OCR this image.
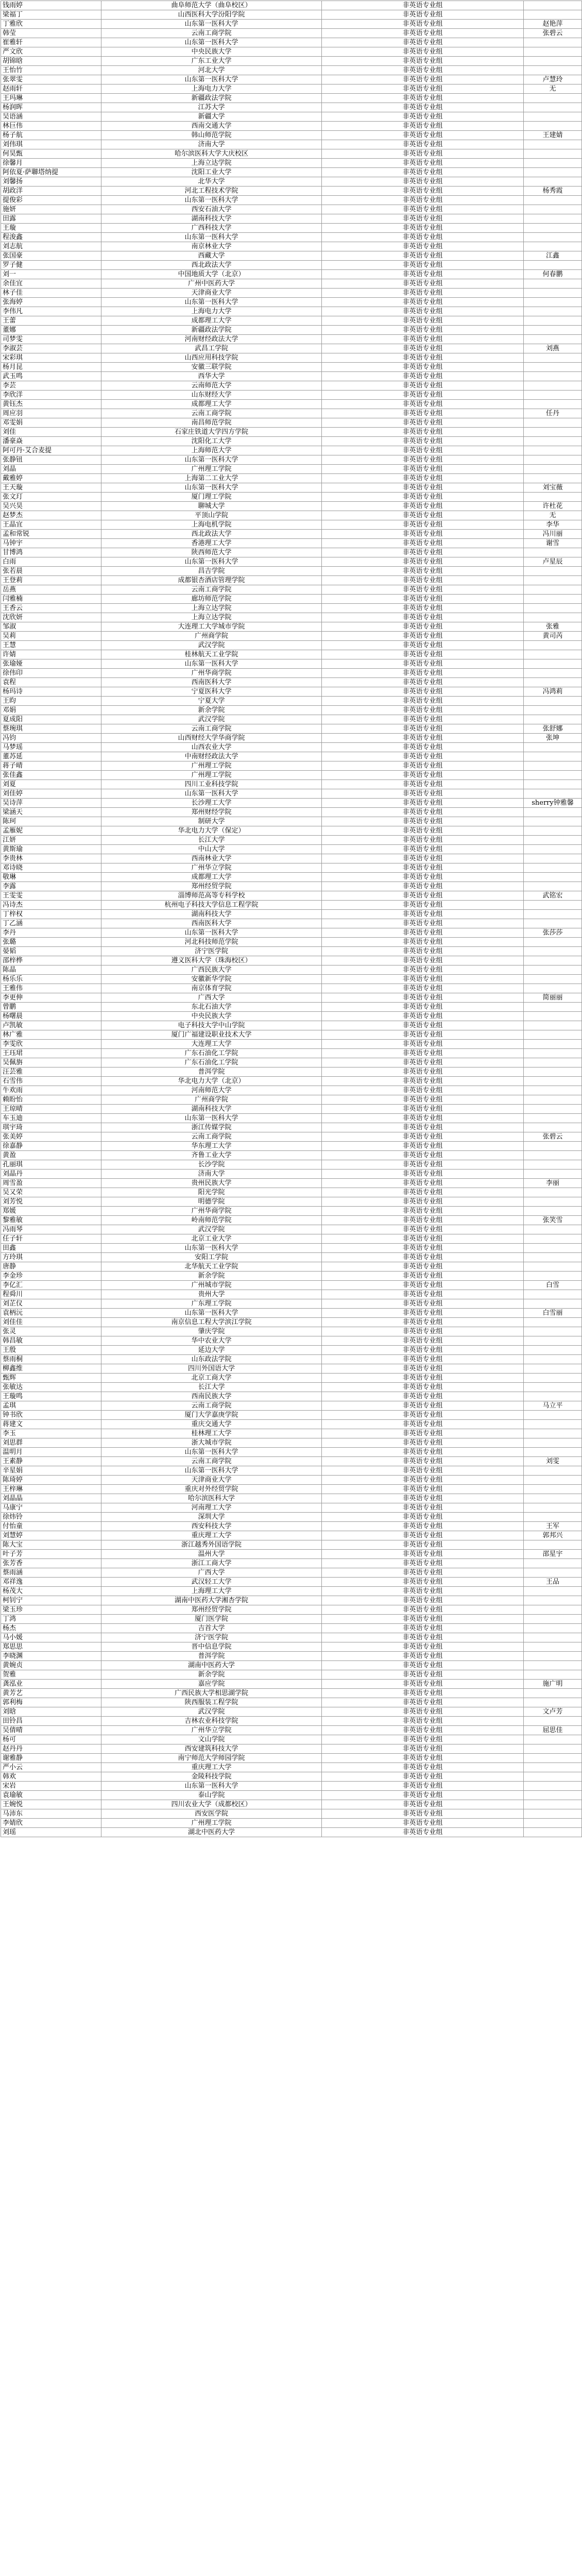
钱雨婷	曲阜师范大学（曲阜校区）	非英语专业组	
梁福丁	山西医科大学汾阳学院	非英语专业组	
丁雅欣	山东第一医科大学	非英语专业组	赵艳萍
韩莹	云南工商学院	非英语专业组	张碧云
崔雅轩	山东第一医科大学	非英语专业组	
严文欣	中央民族大学	非英语专业组	
胡锦晗	广东工业大学	非英语专业组	
王怡竹	河北大学	非英语专业组	
张翠雯	山东第一医科大学	非英语专业组	卢慧玲
赵雨轩	上海电力大学	非英语专业组	无
王玛琳	新疆政法学院	非英语专业组	
杨润晖	江苏大学	非英语专业组	
吴语涵	新疆大学	非英语专业组	
林巨伟	西南交通大学	非英语专业组	
杨子航	韩山师范学院	非英语专业组	王建婧
刘伟琪	济南大学	非英语专业组	
何昊甄	哈尔滨医科大学大庆校区	非英语专业组	
徐馨月	上海立达学院	非英语专业组	
阿依夏·萨聯塔纳提	沈阳工业大学	非英语专业组	
刘馨扬	北华大学	非英语专业组	
胡政洋	河北工程技术学院	非英语专业组	杨秀霞
提俊彩	山东第一医科大学	非英语专业组	
施妍	西安石油大学	非英语专业组	
田露	湖南科技大学	非英语专业组	
王璇	广西科技大学	非英语专业组	
程浚鑫	山东第一医科大学	非英语专业组	
刘志航	南京林业大学	非英语专业组	
张国豪	西藏大学	非英语专业组	江鑫
罗子健	西北政法大学	非英语专业组	
刘一	中国地质大学（北京）	非英语专业组	何春鹏
余佳宜	广州中医药大学	非英语专业组	
林子佳	天津商业大学	非英语专业组	
张海婷	山东第一医科大学	非英语专业组	
李伟凡	上海电力大学	非英语专业组	
王蕾	成都理工大学	非英语专业组	
董娜	新疆政法学院	非英语专业组	
司梦雯	河南财经政法大学	非英语专业组	
李淑芸	武昌工学院	非英语专业组	刘燕
宋彩琪	山西应用科技学院	非英语专业组	
杨月昆	安徽三联学院	非英语专业组	
武玉鸣	西华大学	非英语专业组	
李芸	云南师范大学	非英语专业组	
李欣洋	山东财经大学	非英语专业组	
黄钰杰	成都理工大学	非英语专业组	
周应羽	云南工商学院	非英语专业组	任丹
邓雯娟	南昌师范学院	非英语专业组	
刘佳	石家庄铁道大学四方学院	非英语专业组	
潘豪焱	沈阳化工大学	非英语专业组	
阿可丹·艾合麦提	上海师范大学	非英语专业组	
张静钮	山东第一医科大学	非英语专业组	
刘晶	广州理工学院	非英语专业组	
戴雅婷	上海第二工业大学	非英语专业组	
王天璇	山东第一医科大学	非英语专业组	刘宝薇
张文玎	厦门理工学院	非英语专业组	
吴兴昊	聊城大学	非英语专业组	许杜花
赵梦杰	平顶山学院	非英语专业组	无
王晶宜	上海电机学院	非英语专业组	李华
孟和常锐	西北政法大学	非英语专业组	冯川丽
马钟宇	香港理工大学	非英语专业组	谢雪
甘博鸿	陕西师范大学	非英语专业组	
白雨	山东第一医科大学	非英语专业组	卢星辰
张若晨	昌吉学院	非英语专业组	
王登莉	成都银杏酒店管理学院	非英语专业组	
岳燕	云南工商学院	非英语专业组	
闫雅楠	廊坊师范学院	非英语专业组	
王香云	上海立达学院	非英语专业组	
沈欣妍	上海立达学院	非英语专业组	
邹淑	大连理工大学城市学院	非英语专业组	张雅
吴莉	广州商学院	非英语专业组	黄司芮
王慧	武汉学院	非英语专业组	
许婧	桂林航天工业学院	非英语专业组	
张瑜娅	山东第一医科大学	非英语专业组	
徐伟印	广州华商学院	非英语专业组	
袁程	西南医科大学	非英语专业组	
杨玛诗	宁夏医科大学	非英语专业组	冯鸿莉
王昀	宁夏大学	非英语专业组	
邓娟	新余学院	非英语专业组	
夏成阳	武汉学院	非英语专业组	
蔡琬琪	云南工商学院	非英语专业组	张舒娜
冯钧	山西财经大学华商学院	非英语专业组	张坤
马梦瑶	山西农业大学	非英语专业组	
董苏延	中南财经政法大学	非英语专业组	
蒋子晴	广州理工学院	非英语专业组	
张佳鑫	广州理工学院	非英语专业组	
刘夏	四川工业科技学院	非英语专业组	
刘佳婷	山东第一医科大学	非英语专业组	
吴诗萍	长沙理工大学	非英语专业组	sherry钟雅馨
梁涵天	郑州财经学院	非英语专业组	
陈珂	制研大学	非英语专业组	
孟雁妮	华北电力大学（保定）	非英语专业组	
江妍	长江大学	非英语专业组	
黄斯瑜	中山大学	非英语专业组	
李贵林	西南林业大学	非英语专业组	
邓诗晓	广州华立学院	非英语专业组	
敬琳	成都理工大学	非英语专业组	
李露	郑州经贸学院	非英语专业组	
王雯雯	淄博师范高等专科学校	非英语专业组	武铭宏
冯诗杰	杭州电子科技大学信息工程学院	非英语专业组	
丁梓权	湖南科技大学	非英语专业组	
丁乙涵	西南医科大学	非英语专业组	
李丹	山东第一医科大学	非英语专业组	张莎莎
张璐	河北科技师范学院	非英语专业组	
晏韬	济宁医学院	非英语专业组	
邵梓桦	遵义医科大学（珠海校区）	非英语专业组	
陈晶	广西民族大学	非英语专业组	
杨乐乐	安徽新华学院	非英语专业组	
王雅伟	南京体育学院	非英语专业组	
李更伸	广西大学	非英语专业组	简丽丽
曾鹏	东北石油大学	非英语专业组	
杨曙晨	中央民族大学	非英语专业组	
卢凯敏	电子科技大学中山学院	非英语专业组	
林广雅	厦门广福建设职业技术大学	非英语专业组	
李雯欣	大连理工大学	非英语专业组	
王珏珺	广东石油化工学院	非英语专业组	
吴佩旃	广东石油化工学院	非英语专业组	
汪芸雅	普洱学院	非英语专业组	
石雪伟	华北电力大学（北京）	非英语专业组	
牛欢雨	河南师范大学	非英语专业组	
赖盼怡	广州商学院	非英语专业组	
王琼晴	湖南科技大学	非英语专业组	
车玉迪	山东第一医科大学	非英语专业组	
琪宇琦	浙江传媒学院	非英语专业组	
张美婷	云南工商学院	非英语专业组	张碧云
徐嘉静	华东理工大学	非英语专业组	
黄盈	齐鲁工业大学	非英语专业组	
孔丽琪	长沙学院	非英语专业组	
刘晶丹	济南大学	非英语专业组	
周雪盈	贵州民族大学	非英语专业组	李丽
吴又荣	阳光学院	非英语专业组	
刘芳悦	明德学院	非英语专业组	
郑媛	广州华商学院	非英语专业组	
黎雅敏	岭南师范学院	非英语专业组	张笑雪
冯雨琴	武汉学院	非英语专业组	
任子轩	北京工业大学	非英语专业组	
田鑫	山东第一医科大学	非英语专业组	
方玲琪	安阳工学院	非英语专业组	
唐静	北华航天工业学院	非英语专业组	
李金珍	新余学院	非英语专业组	
李亿汇	广州城市学院	非英语专业组	白雪
程舜川	贵州大学	非英语专业组	
刘芷仪	广东理工学院	非英语专业组	
袁柄沅	山东第一医科大学	非英语专业组	白雪丽
刘佳佳	南京信息工程大学滨江学院	非英语专业组	
张灵	肇庆学院	非英语专业组	
韩昌敏	华中农业大学	非英语专业组	
王殷	延边大学	非英语专业组	
蔡雨桐	山东政法学院	非英语专业组	
柳鑫维	四川外国语大学	非英语专业组	
甄辉	北京工商大学	非英语专业组	
张敏达	长江大学	非英语专业组	
王璇鸣	西南民族大学	非英语专业组	
孟琪	云南工商学院	非英语专业组	马立平
钟书欣	厦门大学嘉庚学院	非英语专业组	
蒋建文	重庆交通大学	非英语专业组	
李玉	桂林理工大学	非英语专业组	
刘思群	浙大城市学院	非英语专业组	
温明月	山东第一医科大学	非英语专业组	
王素静	云南工商学院	非英语专业组	刘雯
辛星娟	山东第一医科大学	非英语专业组	
陈琦婷	天津商业大学	非英语专业组	
王梓琳	重庆对外经贸学院	非英语专业组	
刘晶晶	哈尔滨医科大学	非英语专业组	
马康宁	河南理工大学	非英语专业组	
徐炜铃	深圳大学	非英语专业组	
付怡童	西安科技大学	非英语专业组	王军
刘慧婷	重庆理工大学	非英语专业组	郭邦兴
陈大宝	浙江越秀外国语学院	非英语专业组	
叶子芳	温州大学	非英语专业组	邵星宇
张芳香	浙江工商大学	非英语专业组	
蔡雨涵	广西大学	非英语专业组	
邓祥逸	武汉轻工大学	非英语专业组	王品
杨茂大	上海理工大学	非英语专业组	
柯钊宁	湖南中医药大学湘杏学院	非英语专业组	
梁玉珍	郑州经贸学院	非英语专业组	
丁鸿	厦门医学院	非英语专业组	
杨杰	吉首大学	非英语专业组	
马小媛	济宁医学院	非英语专业组	
郑思思	晋中信息学院	非英语专业组	
李晓渊	普洱学院	非英语专业组	
黄婉贞	湖南中医药大学	非英语专业组	
贺雅	新余学院	非英语专业组	
龚泓业	嘉应学院	非英语专业组	施广明
黄芳艺	广西民族大学相思湖学院	非英语专业组	
郭利梅	陕西服装工程学院	非英语专业组	
刘晗	武汉学院	非英语专业组	文卢芳
田铃昌	吉林农业科技学院	非英语专业组	
吴倩晴	广州华立学院	非英语专业组	屈思佳
杨可	文山学院	非英语专业组	
赵丹丹	西安建筑科技大学	非英语专业组	
谢雅静	南宁师范大学师园学院	非英语专业组	
严小云	重庆理工大学	非英语专业组	
韩欢	金陵科技学院	非英语专业组	
宋岩	山东第一医科大学	非英语专业组	
袁瑜敏	泰山学院	非英语专业组	
王婉悦	四川农业大学（成都校区）	非英语专业组	
马沛东	西安医学院	非英语专业组	
李婧欣	广州理工学院	非英语专业组	
刘瑶	湖北中医药大学	非英语专业组	
